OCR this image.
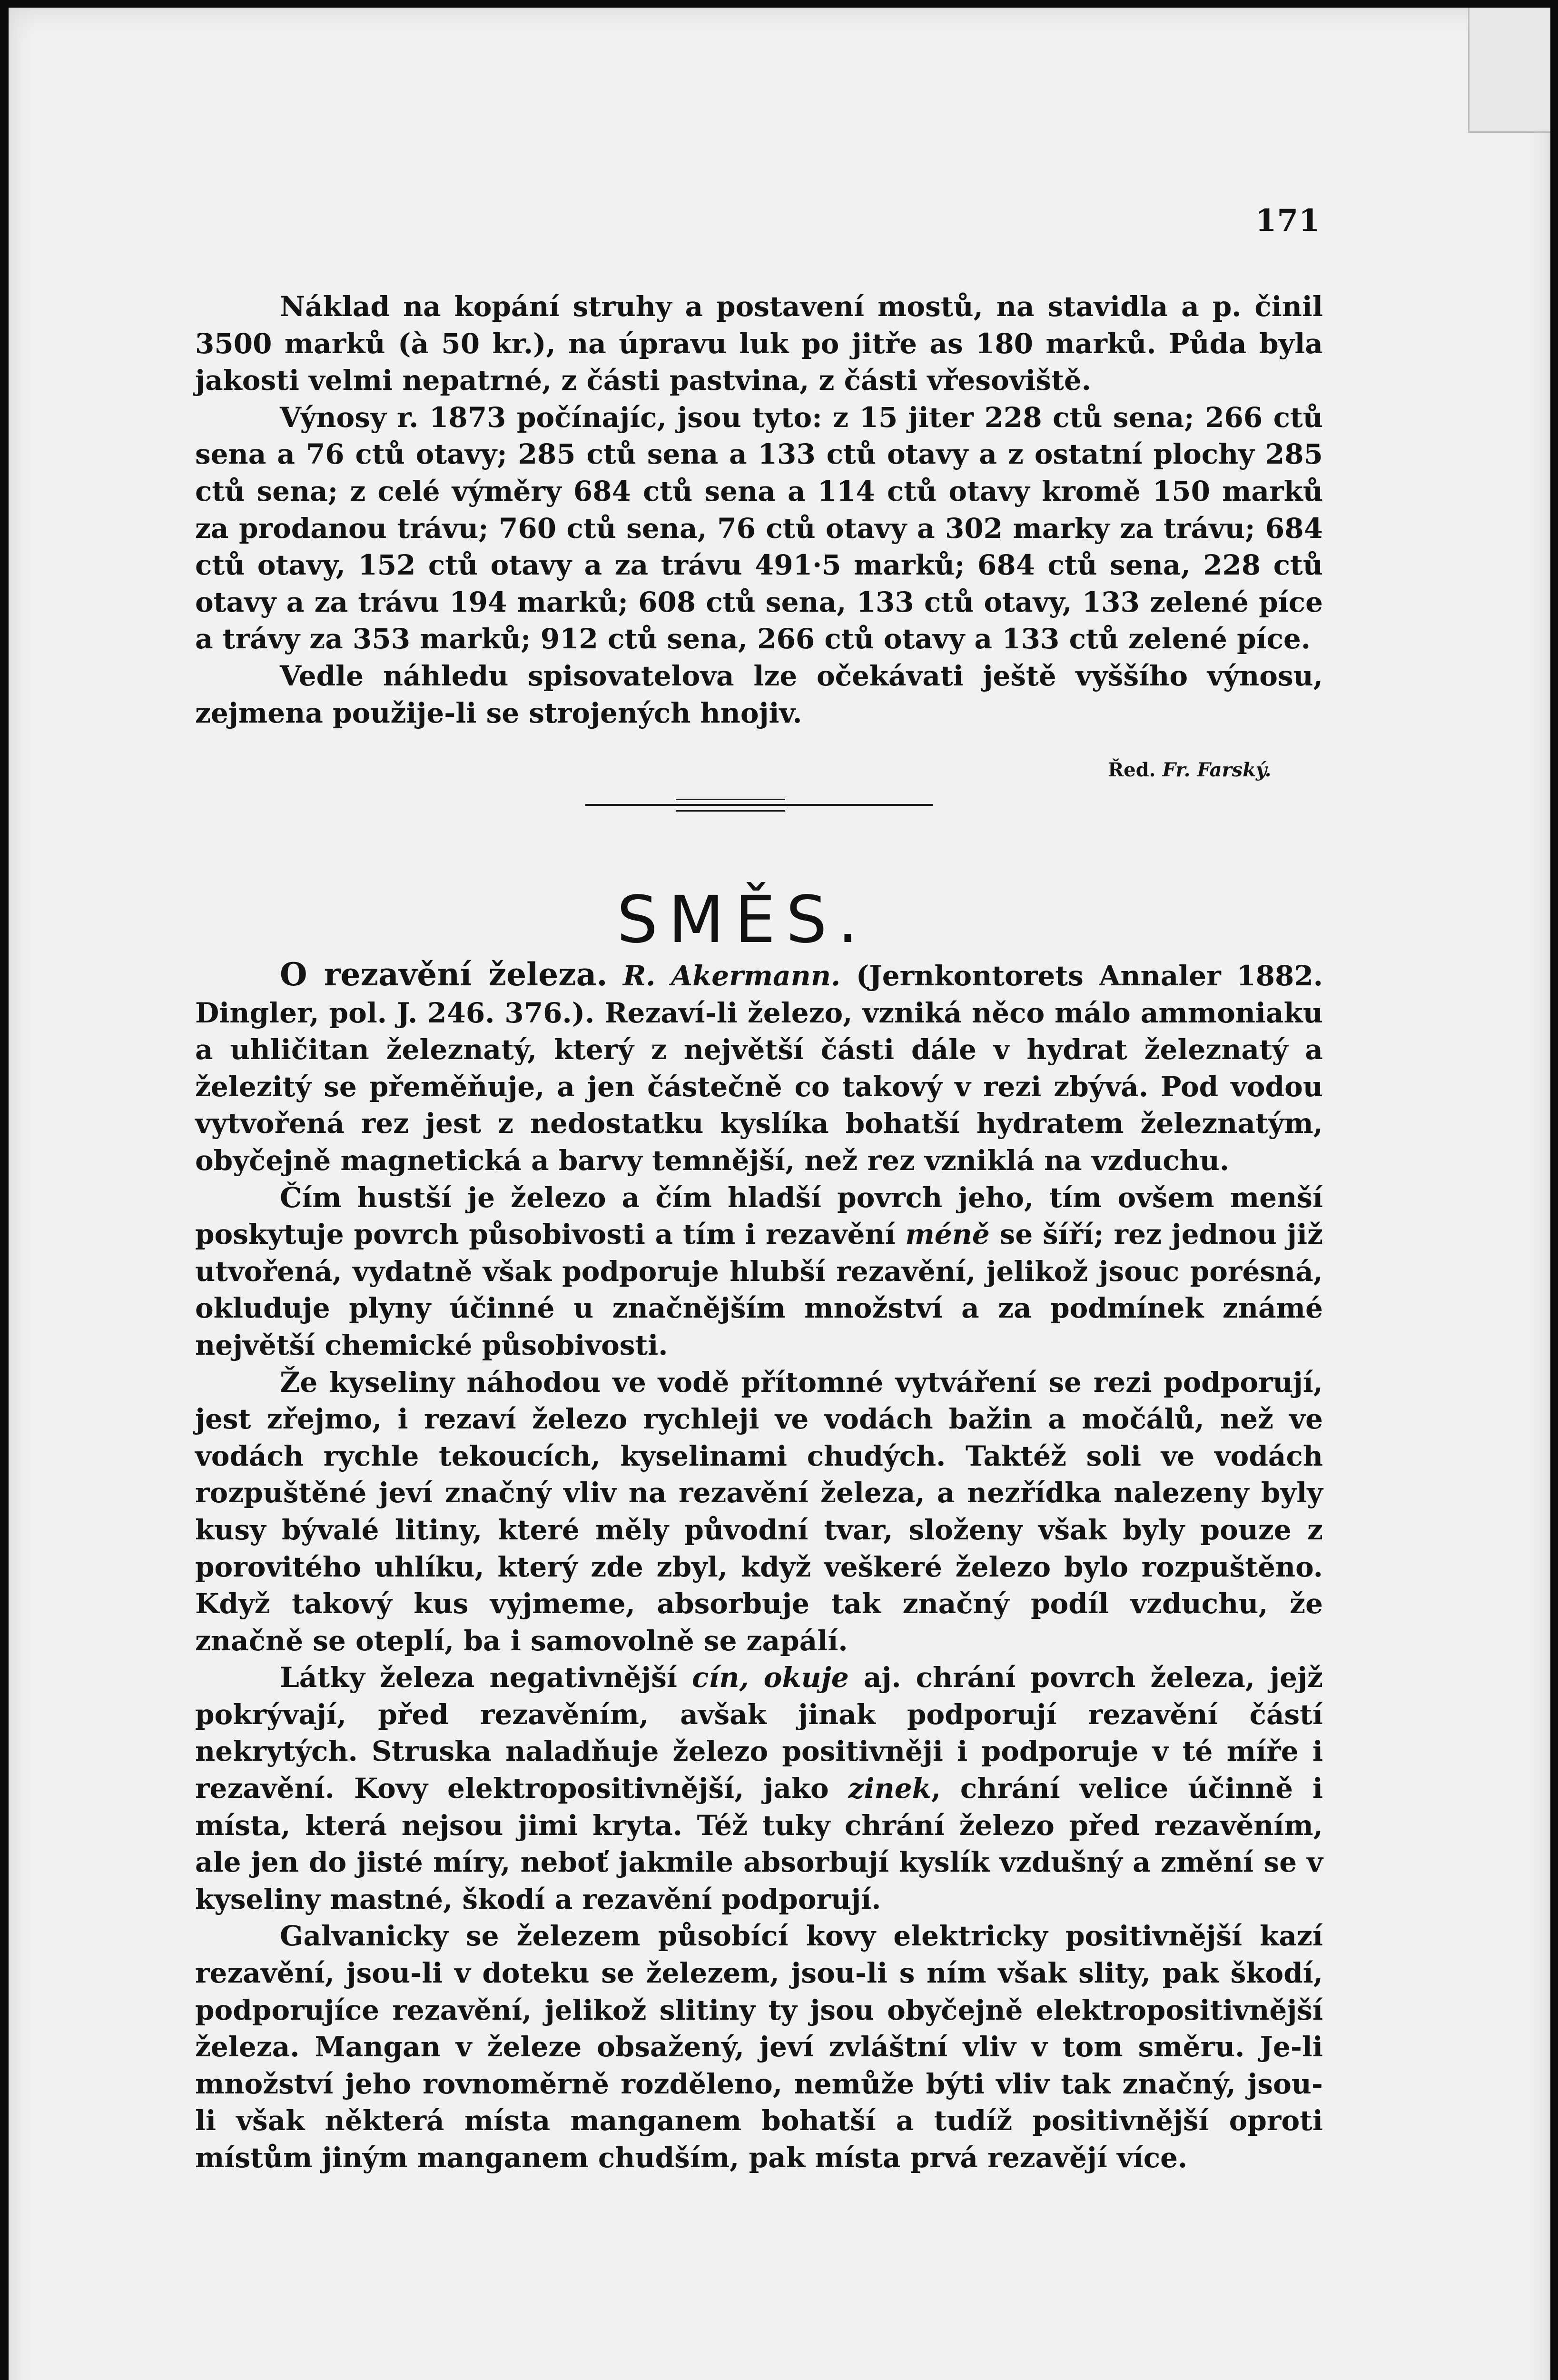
171

Náklad na kopání struhy a postavení mostů, na stavidla a p. činil 3500 marků (à 50 kr.), na úpravu luk po jitře as 180 marků. Půda byla jakosti velmi nepatrné, z části pastvina, z části vřesoviště.

Výnosy r. 1873 počínajíc, jsou tyto: z 15 jiter 228 ctů sena; 266 ctů sena a 76 ctů otavy; 285 ctů sena a 133 ctů otavy a z ostatní plochy 285 ctů sena; z celé výměry 684 ctů sena a 114 ctů otavy kromě 150 marků za prodanou trávu; 760 ctů sena, 76 ctů otavy a 302 marky za trávu; 684 ctů otavy, 152 ctů otavy a za trávu 491·5 marků; 684 ctů sena, 228 ctů otavy a za trávu 194 marků; 608 ctů sena, 133 ctů otavy, 133 zelené píce a trávy za 353 marků; 912 ctů sena, 266 ctů otavy a 133 ctů zelené píce.

Vedle náhledu spisovatelova lze očekávati ještě vyššího výnosu, zejmena použije-li se strojených hnojiv.

Řed. Fr. Farský.
SMĚS.

O rezavění železa. R. Akermann. (Jernkontorets Annaler 1882. Dingler, pol. J. 246. 376.). Rezaví-li železo, vzniká něco málo ammoniaku a uhličitan železnatý, který z největší části dále v hydrat železnatý a železitý se přeměňuje, a jen částečně co takový v rezi zbývá. Pod vodou vytvořená rez jest z nedostatku kyslíka bohatší hydratem železnatým, obyčejně magnetická a barvy temnější, než rez vzniklá na vzduchu.

Čím hustší je železo a čím hladší povrch jeho, tím ovšem menší poskytuje povrch působivosti a tím i rezavění méně se šíří; rez jednou již utvořená, vydatně však podporuje hlubší rezavění, jelikož jsouc porésná, okluduje plyny účinné u značnějším množství a za podmínek známé největší chemické působivosti.

Že kyseliny náhodou ve vodě přítomné vytváření se rezi podporují, jest zřejmo, i rezaví železo rychleji ve vodách bažin a močálů, než ve vodách rychle tekoucích, kyselinami chudých. Taktéž soli ve vodách rozpuštěné jeví značný vliv na rezavění železa, a nezřídka nalezeny byly kusy bývalé litiny, které měly původní tvar, složeny však byly pouze z porovitého uhlíku, který zde zbyl, když veškeré železo bylo rozpuštěno. Když takový kus vyjmeme, absorbuje tak značný podíl vzduchu, že značně se oteplí, ba i samovolně se zapálí.

Látky železa negativnější cín, okuje aj. chrání povrch železa, jejž pokrývají, před rezavěním, avšak jinak podporují rezavění částí nekrytých. Struska naladňuje železo positivněji i podporuje v té míře i rezavění. Kovy elektropositivnější, jako zinek, chrání velice účinně i místa, která nejsou jimi kryta. Též tuky chrání železo před rezavěním, ale jen do jisté míry, neboť jakmile absorbují kyslík vzdušný a změní se v kyseliny mastné, škodí a rezavění podporují.

Galvanicky se železem působící kovy elektricky positivnější kazí rezavění, jsou-li v doteku se železem, jsou-li s ním však slity, pak škodí, podporujíce rezavění, jelikož slitiny ty jsou obyčejně elektropositivnější železa. Mangan v železe obsažený, jeví zvláštní vliv v tom směru. Je-li množství jeho rovnoměrně rozděleno, nemůže býti vliv tak značný, jsou-li však některá místa manganem bohatší a tudíž positivnější oproti místům jiným manganem chudším, pak místa prvá rezavějí více.
